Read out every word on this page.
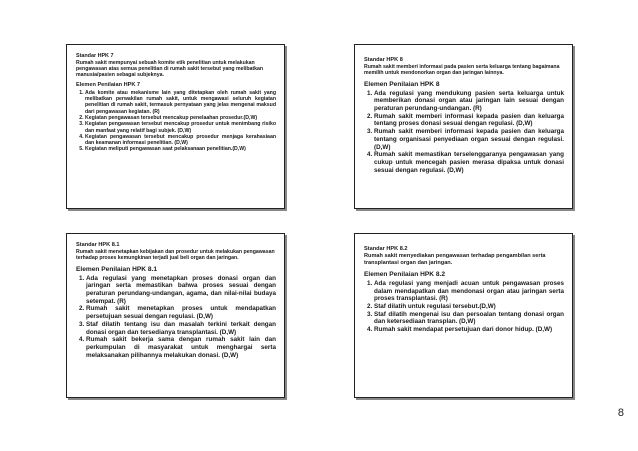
Standar HPK 7

Rumah sakit mempunyai sebuah komite etik penelitian untuk melakukan pengawasan atas semua penelitian di rumah sakit tersebut yang melibatkan manusia/pasien sebagai subjeknya.

Elemen Penilaian HPK 7

1. Ada komite atau mekanisme lain yang ditetapkan oleh rumah sakit yang melibatkan perwakilan rumah sakit, untuk mengawasi seluruh kegiatan penelitian di rumah sakit, termasuk pernyataan yang jelas mengenai maksud dari pengawasan kegiatan. (R)
2. Kegiatan pengawasan tersebut mencakup penelaahan prosedur.(D,W)
3. Kegiatan pengawasan tersebut mencakup prosedur untuk menimbang risiko dan manfaat yang relatif bagi subjek. (D,W)
4. Kegiatan pengawasan tersebut mencakup prosedur menjaga kerahasiaan dan keamanan informasi penelitian. (D,W)
5. Kegiatan meliputi pengawasan saat pelaksanaan penelitian.(D,W)

Standar HPK 8

Rumah sakit memberi informasi pada pasien serta keluarga tentang bagaimana memilih untuk mendonorkan organ dan jaringan lainnya.

Elemen Penilaian HPK 8

1. Ada regulasi yang mendukung pasien serta keluarga untuk memberikan donasi organ atau jaringan lain sesuai dengan peraturan perundang-undangan. (R)
2. Rumah sakit memberi informasi kepada pasien dan keluarga tentang proses donasi sesuai dengan regulasi. (D,W)
3. Rumah sakit memberi informasi kepada pasien dan keluarga tentang organisasi penyediaan organ sesuai dengan regulasi. (D,W)
4. Rumah sakit memastikan terselenggaranya pengawasan yang cukup untuk mencegah pasien merasa dipaksa untuk donasi sesuai dengan regulasi. (D,W)

Standar HPK 8.1

Rumah sakit menetapkan kebijakan dan prosedur untuk melakukan pengawasan terhadap proses kemungkinan terjadi jual beli organ dan jaringan.

Elemen Penilaian HPK 8.1

1. Ada regulasi yang menetapkan proses donasi organ dan jaringan serta memastikan bahwa proses sesuai dengan peraturan perundang-undangan, agama, dan nilai-nilai budaya setempat. (R)
2. Rumah sakit menetapkan proses untuk mendapatkan persetujuan sesuai dengan regulasi. (D,W)
3. Staf dilatih tentang isu dan masalah terkini terkait dengan donasi organ dan tersedianya transplantasi. (D,W)
4. Rumah sakit bekerja sama dengan rumah sakit lain dan perkumpulan di masyarakat untuk menghargai serta melaksanakan pilihannya melakukan donasi. (D,W)

Standar HPK 8.2

Rumah sakit menyediakan pengawasan terhadap pengambilan serta transplantasi organ dan jaringan.

Elemen Penilaian HPK 8.2

1. Ada regulasi yang menjadi acuan untuk pengawasan proses dalam mendapatkan dan mendonasi organ atau jaringan serta proses transplantasi. (R)
2. Staf dilatih untuk regulasi tersebut.(D,W)
3. Staf dilatih mengenai isu dan persoalan tentang donasi organ dan ketersediaan transplan. (D,W)
4. Rumah sakit mendapat persetujuan dari donor hidup. (D,W)
8
